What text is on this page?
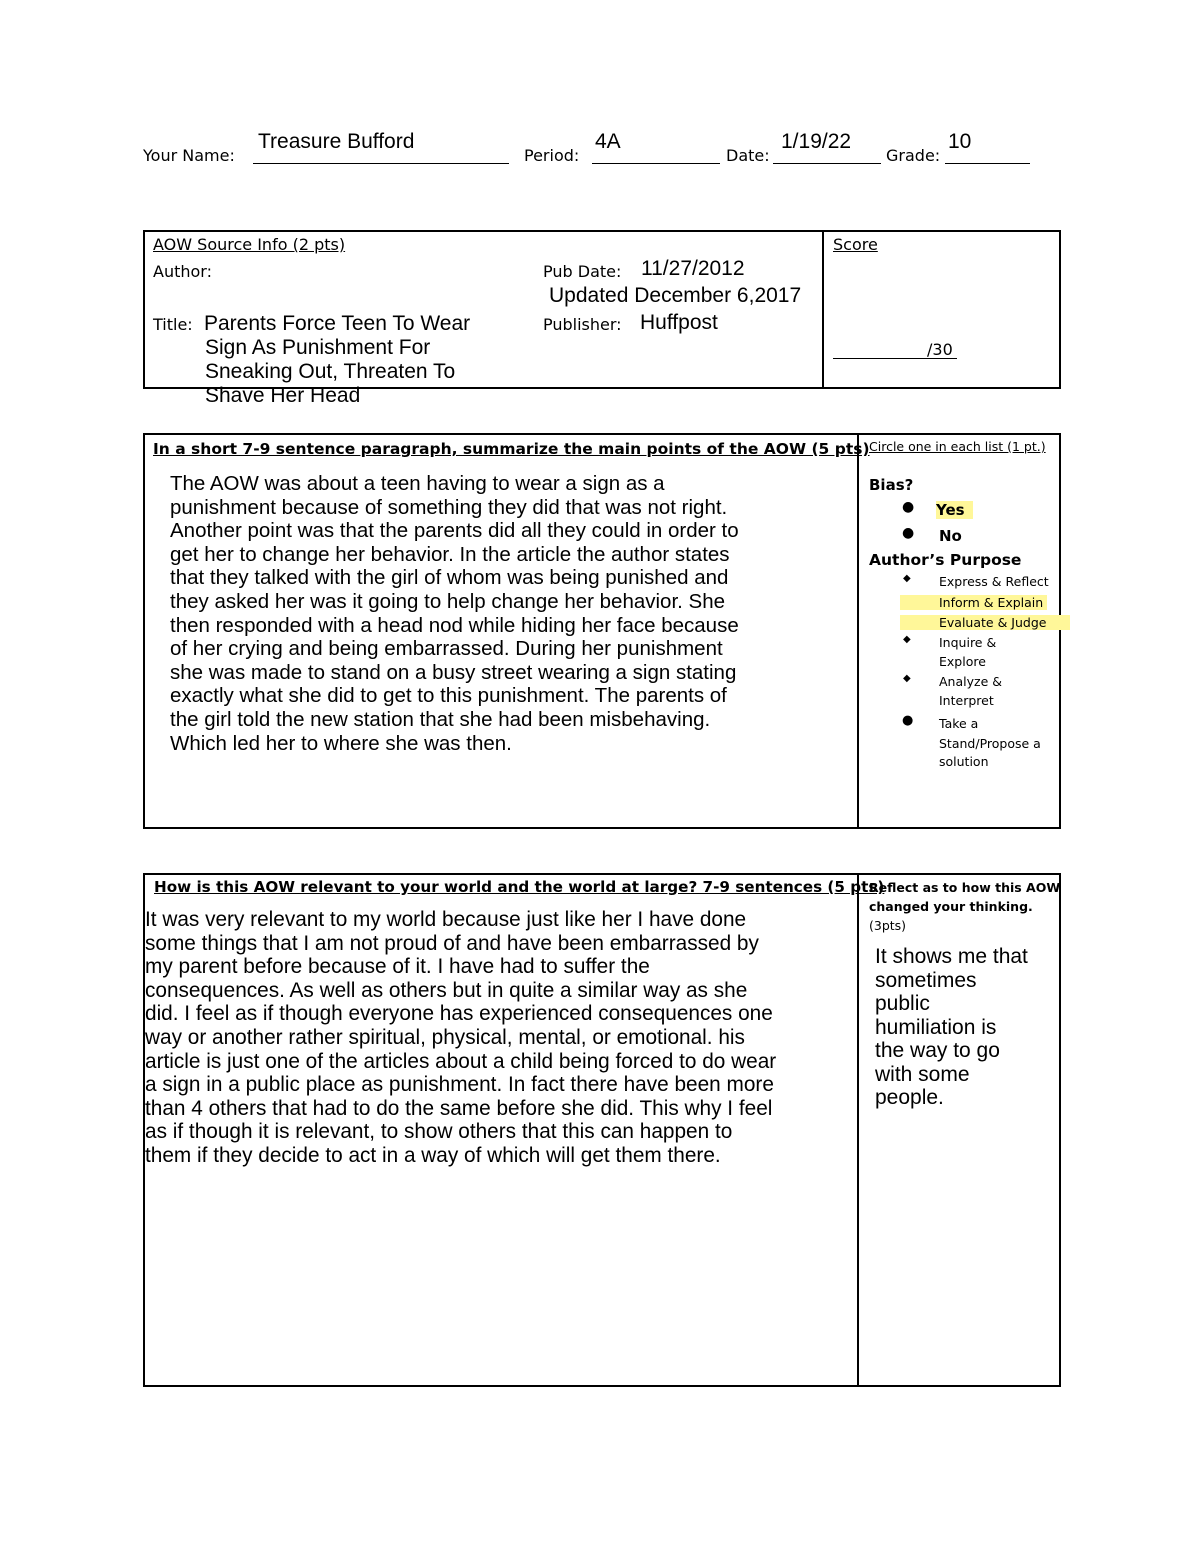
Your Name:
Treasure Bufford
Period:
4A
Date:
1/19/22
Grade:
10
AOW Source Info (2 pts)
Author:
Title: Parents Force Teen To Wear
Sign As Punishment For
Sneaking Out, Threaten To
Shave Her Head
Pub Date: 11/27/2012
Updated December 6,2017
Publisher: Huffpost
Score
/30
In a short 7-9 sentence paragraph, summarize the main points of the AOW (5 pts)
The AOW was about a teen having to wear a sign as a
punishment because of something they did that was not right.
Another point was that the parents did all they could in order to
get her to change her behavior. In the article the author states
that they talked with the girl of whom was being punished and
they asked her was it going to help change her behavior. She
then responded with a head nod while hiding her face because
of her crying and being embarrassed. During her punishment
she was made to stand on a busy street wearing a sign stating
exactly what she did to get to this punishment. The parents of
the girl told the new station that she had been misbehaving.
Which led her to where she was then.
Circle one in each list (1 pt.)
Bias?
● Yes
● No
Author’s Purpose
◆ Express & Reflect
Inform & Explain
Evaluate & Judge
◆ Inquire &
Explore
◆ Analyze &
Interpret
● Take a
Stand/Propose a
solution
How is this AOW relevant to your world and the world at large? 7-9 sentences (5 pts)
It was very relevant to my world because just like her I have done
some things that I am not proud of and have been embarrassed by
my parent before because of it. I have had to suffer the
consequences. As well as others but in quite a similar way as she
did. I feel as if though everyone has experienced consequences one
way or another rather spiritual, physical, mental, or emotional. his
article is just one of the articles about a child being forced to do wear
a sign in a public place as punishment. In fact there have been more
than 4 others that had to do the same before she did. This why I feel
as if though it is relevant, to show others that this can happen to
them if they decide to act in a way of which will get them there.
Reflect as to how this AOW
changed your thinking.
(3pts)
It shows me that
sometimes
public
humiliation is
the way to go
with some
people.
